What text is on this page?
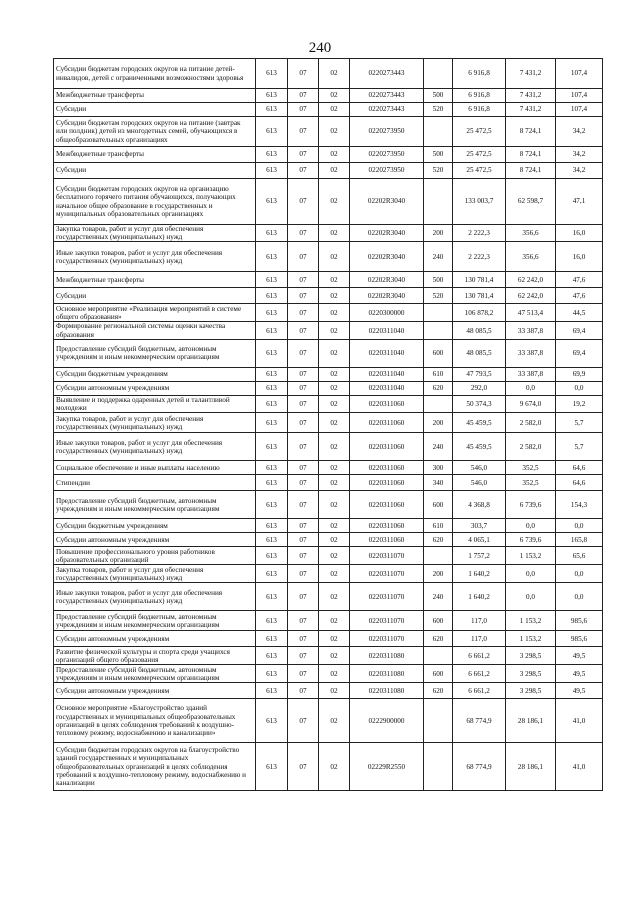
240
Субсидии бюджетам городских округов на питание детей-инвалидов, детей с ограниченными возможностями здоровья	613	07	02	0220273443		6 916,8	7 431,2	107,4
Межбюджетные трансферты	613	07	02	0220273443	500	6 916,8	7 431,2	107,4
Субсидии	613	07	02	0220273443	520	6 916,8	7 431,2	107,4
Субсидии бюджетам городских округов на питание (завтрак или полдник) детей из многодетных семей, обучающихся в общеобразовательных организациях	613	07	02	0220273950		25 472,5	8 724,1	34,2
Межбюджетные трансферты	613	07	02	0220273950	500	25 472,5	8 724,1	34,2
Субсидии	613	07	02	0220273950	520	25 472,5	8 724,1	34,2
Субсидии бюджетам городских округов на организацию бесплатного горячего питания обучающихся, получающих начальное общее образование в государственных и муниципальных образовательных организациях	613	07	02	02202R3040		133 003,7	62 598,7	47,1
Закупка товаров, работ и услуг для обеспечения государственных (муниципальных) нужд	613	07	02	02202R3040	200	2 222,3	356,6	16,0
Иные закупки товаров, работ и услуг для обеспечения государственных (муниципальных) нужд	613	07	02	02202R3040	240	2 222,3	356,6	16,0
Межбюджетные трансферты	613	07	02	02202R3040	500	130 781,4	62 242,0	47,6
Субсидии	613	07	02	02202R3040	520	130 781,4	62 242,0	47,6
Основное мероприятие «Реализация мероприятий в системе общего образования»	613	07	02	0220300000		106 878,2	47 513,4	44,5
Формирование региональной системы оценки качества образования	613	07	02	0220311040		48 085,5	33 387,8	69,4
Предоставление субсидий бюджетным, автономным учреждениям и иным некоммерческим организациям	613	07	02	0220311040	600	48 085,5	33 387,8	69,4
Субсидии бюджетным учреждениям	613	07	02	0220311040	610	47 793,5	33 387,8	69,9
Субсидии автономным учреждениям	613	07	02	0220311040	620	292,0	0,0	0,0
Выявление и поддержка одаренных детей и талантливой молодежи	613	07	02	0220311060		50 374,3	9 674,0	19,2
Закупка товаров, работ и услуг для обеспечения государственных (муниципальных) нужд	613	07	02	0220311060	200	45 459,5	2 582,0	5,7
Иные закупки товаров, работ и услуг для обеспечения государственных (муниципальных) нужд	613	07	02	0220311060	240	45 459,5	2 582,0	5,7
Социальное обеспечение и иные выплаты населению	613	07	02	0220311060	300	546,0	352,5	64,6
Стипендии	613	07	02	0220311060	340	546,0	352,5	64,6
Предоставление субсидий бюджетным, автономным учреждениям и иным некоммерческим организациям	613	07	02	0220311060	600	4 368,8	6 739,6	154,3
Субсидии бюджетным учреждениям	613	07	02	0220311060	610	303,7	0,0	0,0
Субсидии автономным учреждениям	613	07	02	0220311060	620	4 065,1	6 739,6	165,8
Повышение профессионального уровня работников образовательных организаций	613	07	02	0220311070		1 757,2	1 153,2	65,6
Закупка товаров, работ и услуг для обеспечения государственных (муниципальных) нужд	613	07	02	0220311070	200	1 640,2	0,0	0,0
Иные закупки товаров, работ и услуг для обеспечения государственных (муниципальных) нужд	613	07	02	0220311070	240	1 640,2	0,0	0,0
Предоставление субсидий бюджетным, автономным учреждениям и иным некоммерческим организациям	613	07	02	0220311070	600	117,0	1 153,2	985,6
Субсидии автономным учреждениям	613	07	02	0220311070	620	117,0	1 153,2	985,6
Развитие физической культуры и спорта среди учащихся организаций общего образования	613	07	02	0220311080		6 661,2	3 298,5	49,5
Предоставление субсидий бюджетным, автономным учреждениям и иным некоммерческим организациям	613	07	02	0220311080	600	6 661,2	3 298,5	49,5
Субсидии автономным учреждениям	613	07	02	0220311080	620	6 661,2	3 298,5	49,5
Основное мероприятие «Благоустройство зданий государственных и муниципальных общеобразовательных организаций в целях соблюдения требований к воздушно-тепловому режиму, водоснабжению и канализации»	613	07	02	0222900000		68 774,9	28 186,1	41,0
Субсидии бюджетам городских округов на благоустройство зданий государственных и муниципальных общеобразовательных организаций в целях соблюдения требований к воздушно-тепловому режиму, водоснабжению и канализации	613	07	02	02229R2550		68 774,9	28 186,1	41,0
